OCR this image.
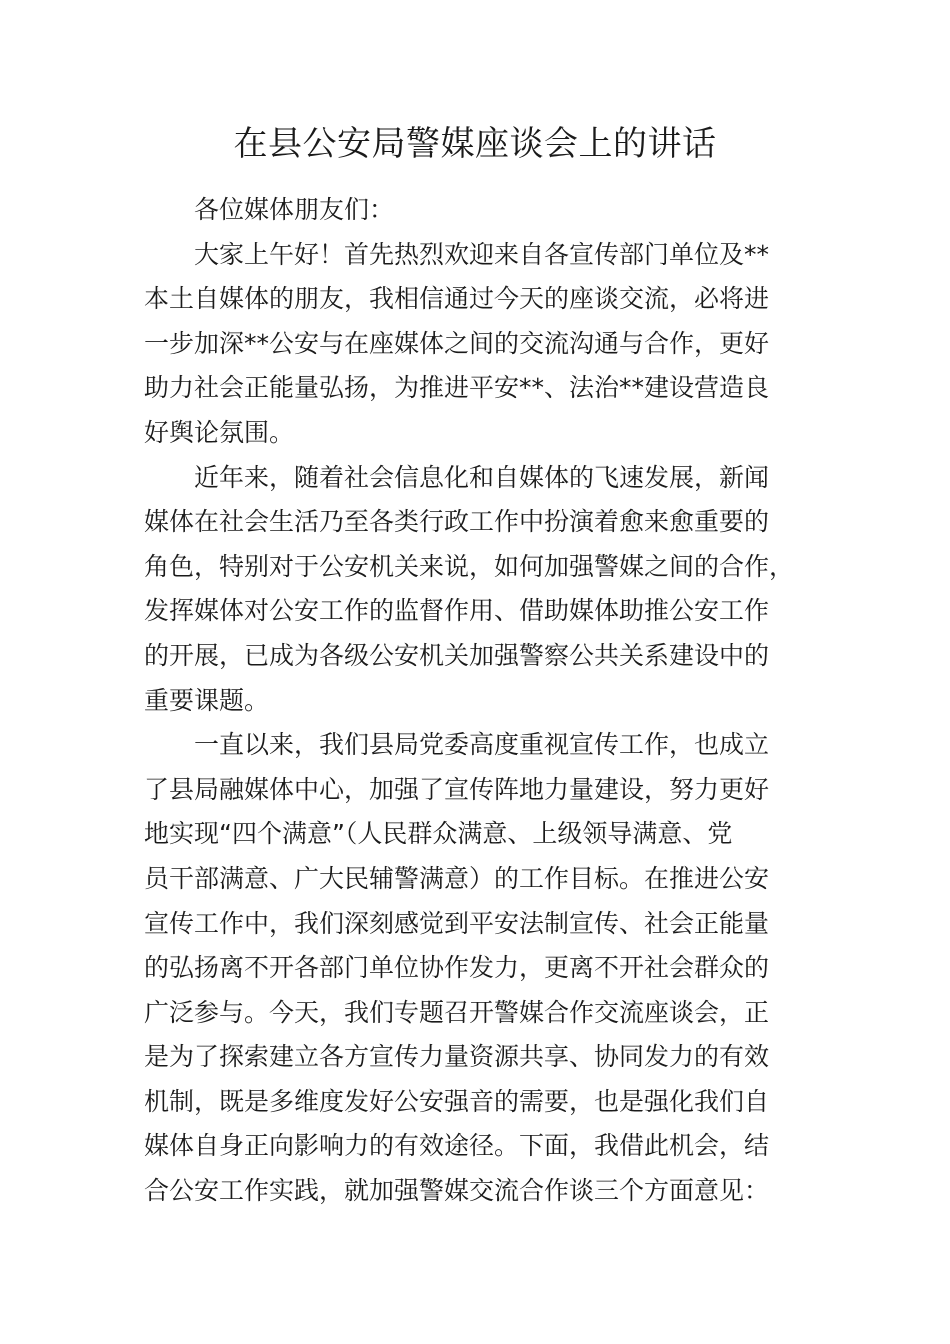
在县公安局警媒座谈会上的讲话
各位媒体朋友们：
大家上午好！首先热烈欢迎来自各宣传部门单位及**
本土自媒体的朋友，我相信通过今天的座谈交流，必将进
一步加深**公安与在座媒体之间的交流沟通与合作，更好
助力社会正能量弘扬，为推进平安**、法治**建设营造良
好舆论氛围。
近年来，随着社会信息化和自媒体的飞速发展，新闻
媒体在社会生活乃至各类行政工作中扮演着愈来愈重要的
角色，特别对于公安机关来说，如何加强警媒之间的合作，
发挥媒体对公安工作的监督作用、借助媒体助推公安工作
的开展，已成为各级公安机关加强警察公共关系建设中的
重要课题。
一直以来，我们县局党委高度重视宣传工作，也成立
了县局融媒体中心，加强了宣传阵地力量建设，努力更好
地实现“四个满意”（人民群众满意、上级领导满意、党
员干部满意、广大民辅警满意）的工作目标。在推进公安
宣传工作中，我们深刻感觉到平安法制宣传、社会正能量
的弘扬离不开各部门单位协作发力，更离不开社会群众的
广泛参与。今天，我们专题召开警媒合作交流座谈会，正
是为了探索建立各方宣传力量资源共享、协同发力的有效
机制，既是多维度发好公安强音的需要，也是强化我们自
媒体自身正向影响力的有效途径。下面，我借此机会，结
合公安工作实践，就加强警媒交流合作谈三个方面意见：
